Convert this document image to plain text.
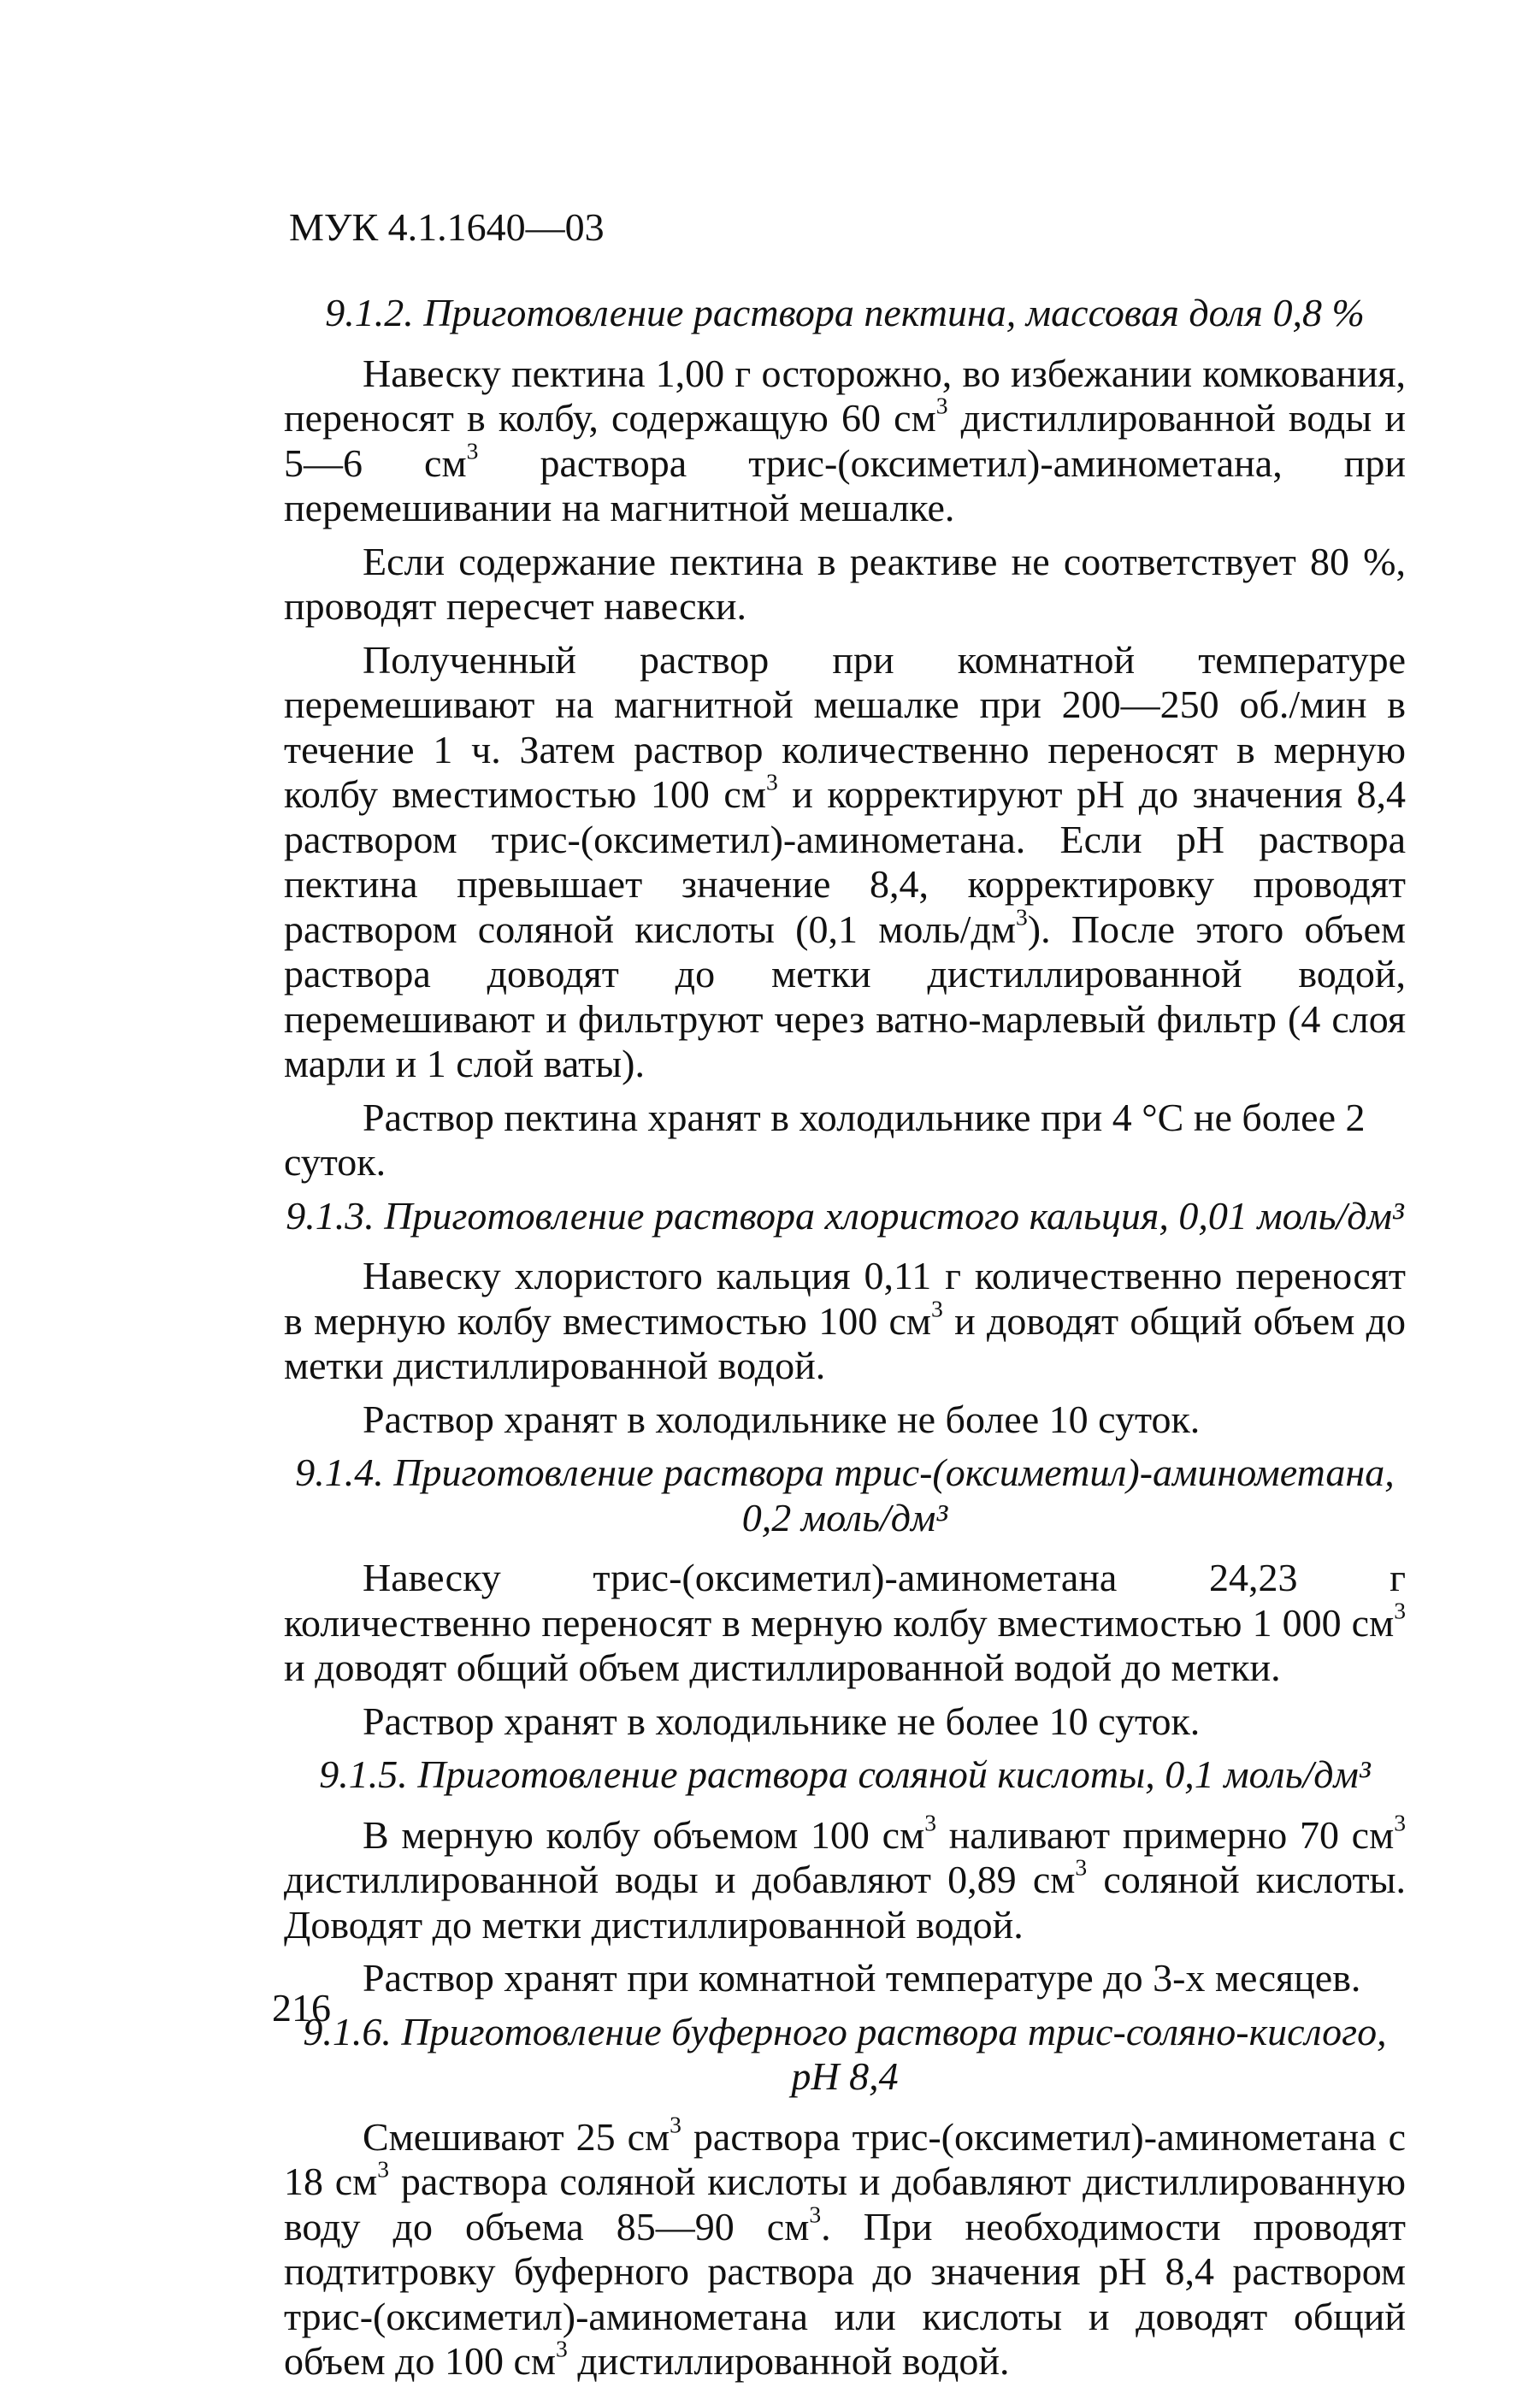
МУК 4.1.1640—03
9.1.2. Приготовление раствора пектина, массовая доля 0,8 %
Навеску пектина 1,00 г осторожно, во избежании комкования, переносят в колбу, содержащую 60 $см^3$ дистиллированной воды и 5—6 $см^3$ раствора трис-(оксиметил)-аминометана, при перемешивании на магнитной мешалке.
Если содержание пектина в реактиве не соответствует 80 %, проводят пересчет навески.
Полученный раствор при комнатной температуре перемешивают на магнитной мешалке при 200—250 об./мин в течение 1 ч. Затем раствор количественно переносят в мерную колбу вместимостью 100 $см^3$ и корректируют pH до значения 8,4 раствором трис-(оксиметил)-аминометана. Если pH раствора пектина превышает значение 8,4, корректировку проводят раствором соляной кислоты (0,1 моль/$дм^3$). После этого объем раствора доводят до метки дистиллированной водой, перемешивают и фильтруют через ватно-марлевый фильтр (4 слоя марли и 1 слой ваты).
Раствор пектина хранят в холодильнике при 4 °С не более 2 суток.
9.1.3. Приготовление раствора хлористого кальция, 0,01 моль/дм³
Навеску хлористого кальция 0,11 г количественно переносят в мерную колбу вместимостью 100 $см^3$ и доводят общий объем до метки дистиллированной водой.
Раствор хранят в холодильнике не более 10 суток.
9.1.4. Приготовление раствора трис-(оксиметил)-аминометана, 0,2 моль/дм³
Навеску трис-(оксиметил)-аминометана 24,23 г количественно переносят в мерную колбу вместимостью 1 000 $см^3$ и доводят общий объем дистиллированной водой до метки.
Раствор хранят в холодильнике не более 10 суток.
9.1.5. Приготовление раствора соляной кислоты, 0,1 моль/дм³
В мерную колбу объемом 100 $см^3$ наливают примерно 70 $см^3$ дистиллированной воды и добавляют 0,89 $см^3$ соляной кислоты. Доводят до метки дистиллированной водой.
Раствор хранят при комнатной температуре до 3-х месяцев.
9.1.6. Приготовление буферного раствора трис-соляно-кислого, pH 8,4
Смешивают 25 $см^3$ раствора трис-(оксиметил)-аминометана с 18 $см^3$ раствора соляной кислоты и добавляют дистиллированную воду до объема 85—90 $см^3$. При необходимости проводят подтитровку буферного раствора до значения pH 8,4 раствором трис-(оксиметил)-аминометана или кислоты и доводят общий объем до 100 $см^3$ дистиллированной водой.
216
